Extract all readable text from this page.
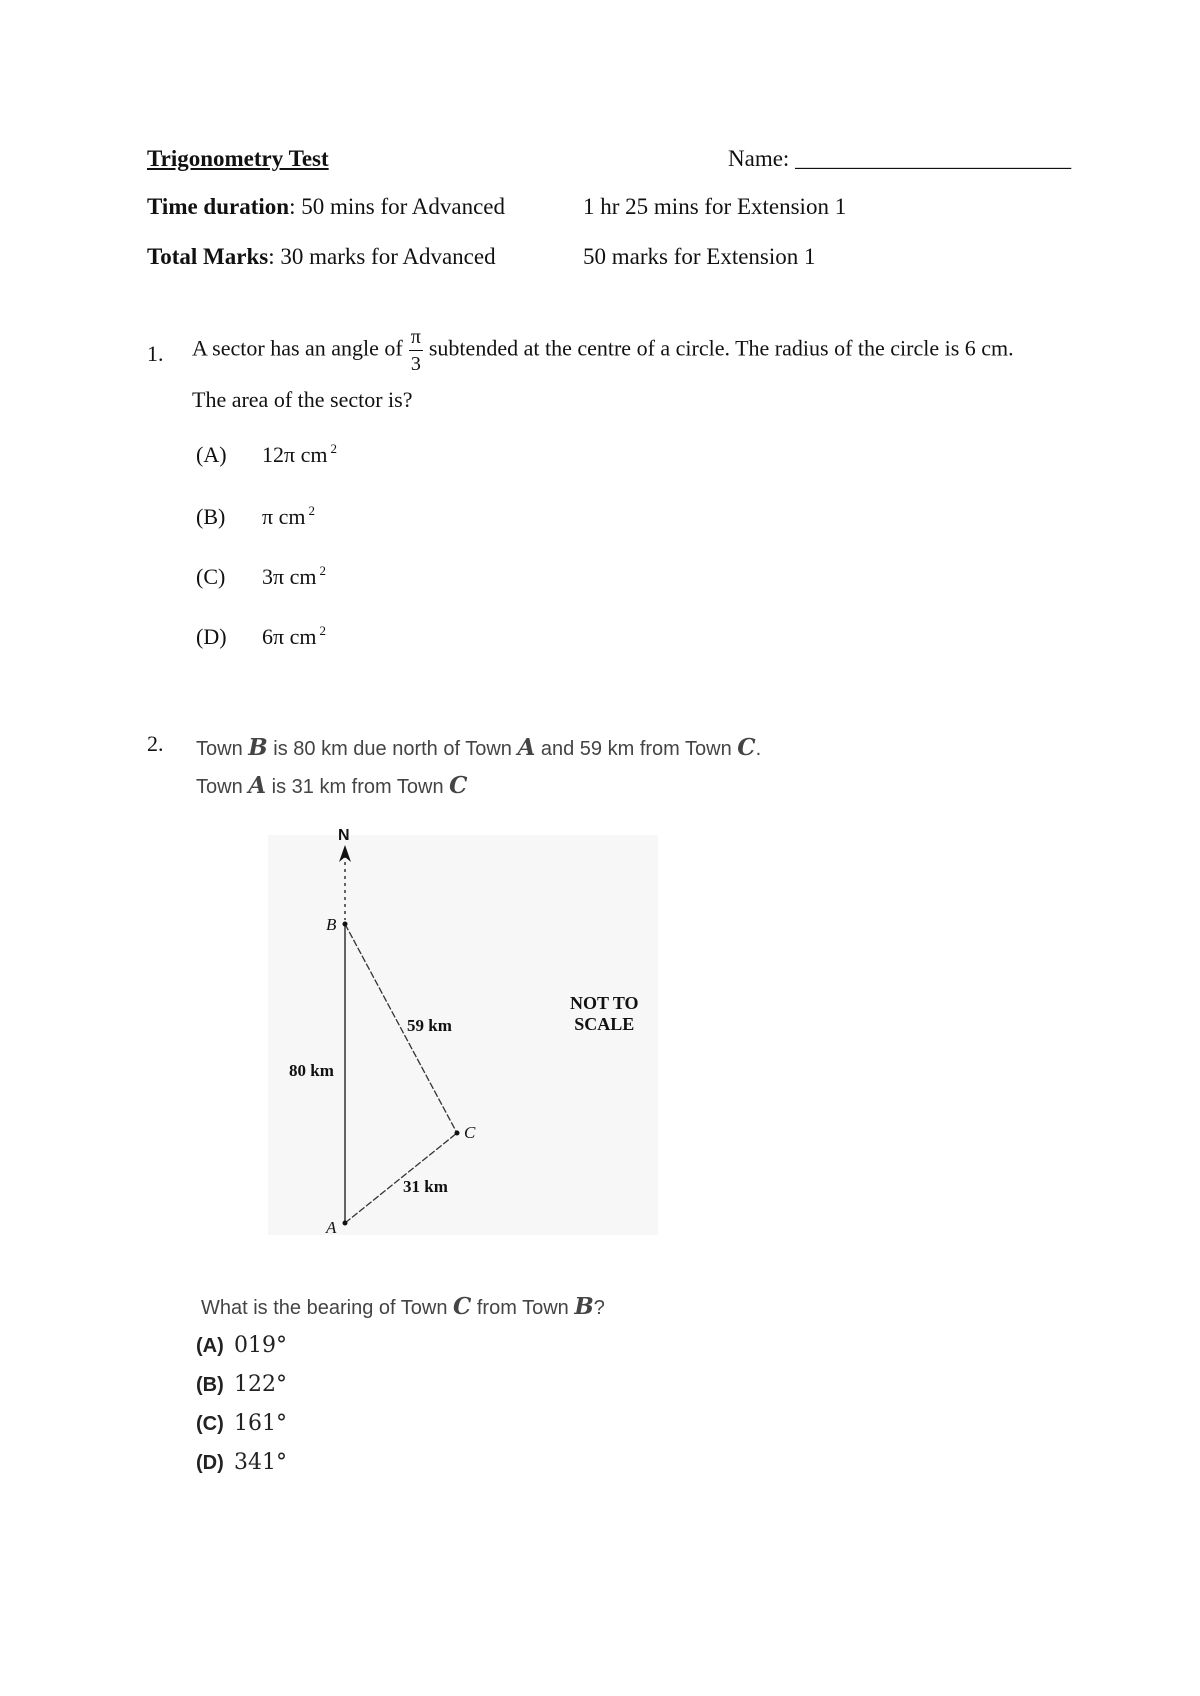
Trigonometry Test	Name: ________________________
Time duration: 50 mins for Advanced	1 hr 25 mins for Extension 1
Total Marks: 30 marks for Advanced	50 marks for Extension 1
1. A sector has an angle of $\frac{\pi}{3}$ subtended at the centre of a circle. The radius of the circle is 6 cm.
The area of the sector is?
(A) 12π cm $^2$
(B) π cm $^2$
(C) 3π cm $^2$
(D) 6π cm $^2$
2. Town B is 80 km due north of Town A and 59 km from Town C.
Town A is 31 km from Town C
N
B
C
A
80 km
59 km
31 km
NOT TO
SCALE
What is the bearing of Town C from Town B?
(A) 019°
(B) 122°
(C) 161°
(D) 341°
